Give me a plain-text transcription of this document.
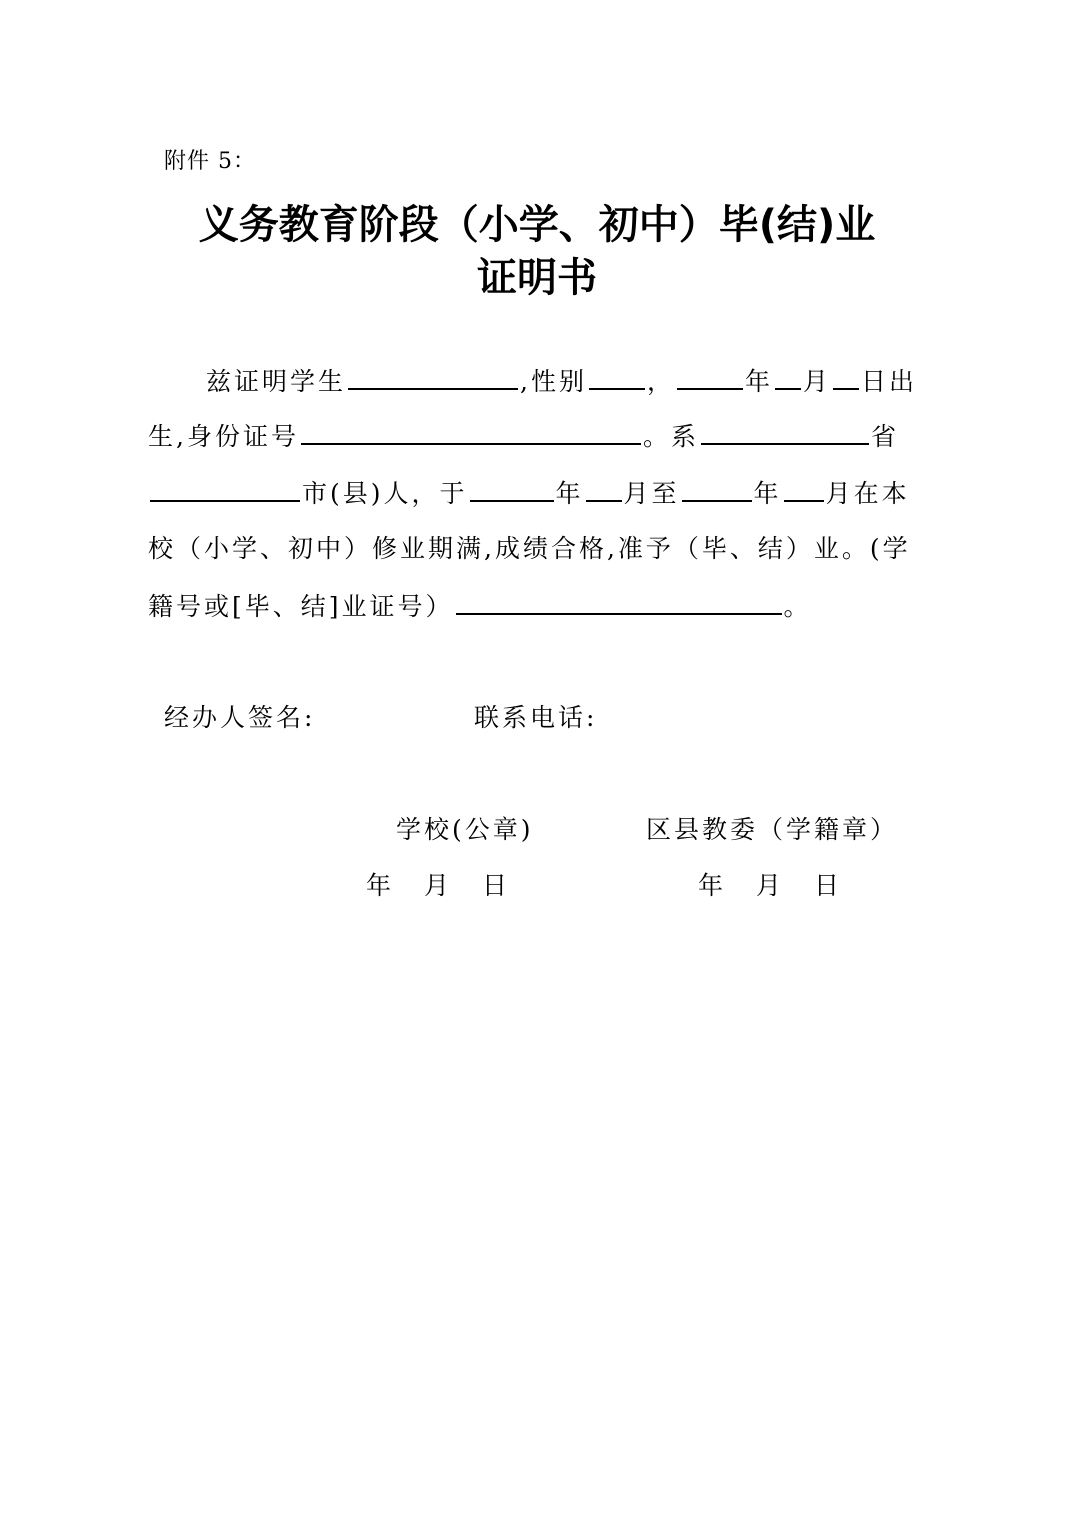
附件 5：
义务教育阶段（小学、初中）毕(结)业
证明书
兹证明学生	,性别 ，	年 月 日出
生,身份证号	。系	省
市(县)人，于	年 月至	年 月在本
校（小学、初中）修业期满,成绩合格,准予（毕、结）业。(学
籍号或[毕、结]业证号）	。
经办人签名:	联系电话:
学校(公章)	区县教委（学籍章）
年 月 日	年 月 日
